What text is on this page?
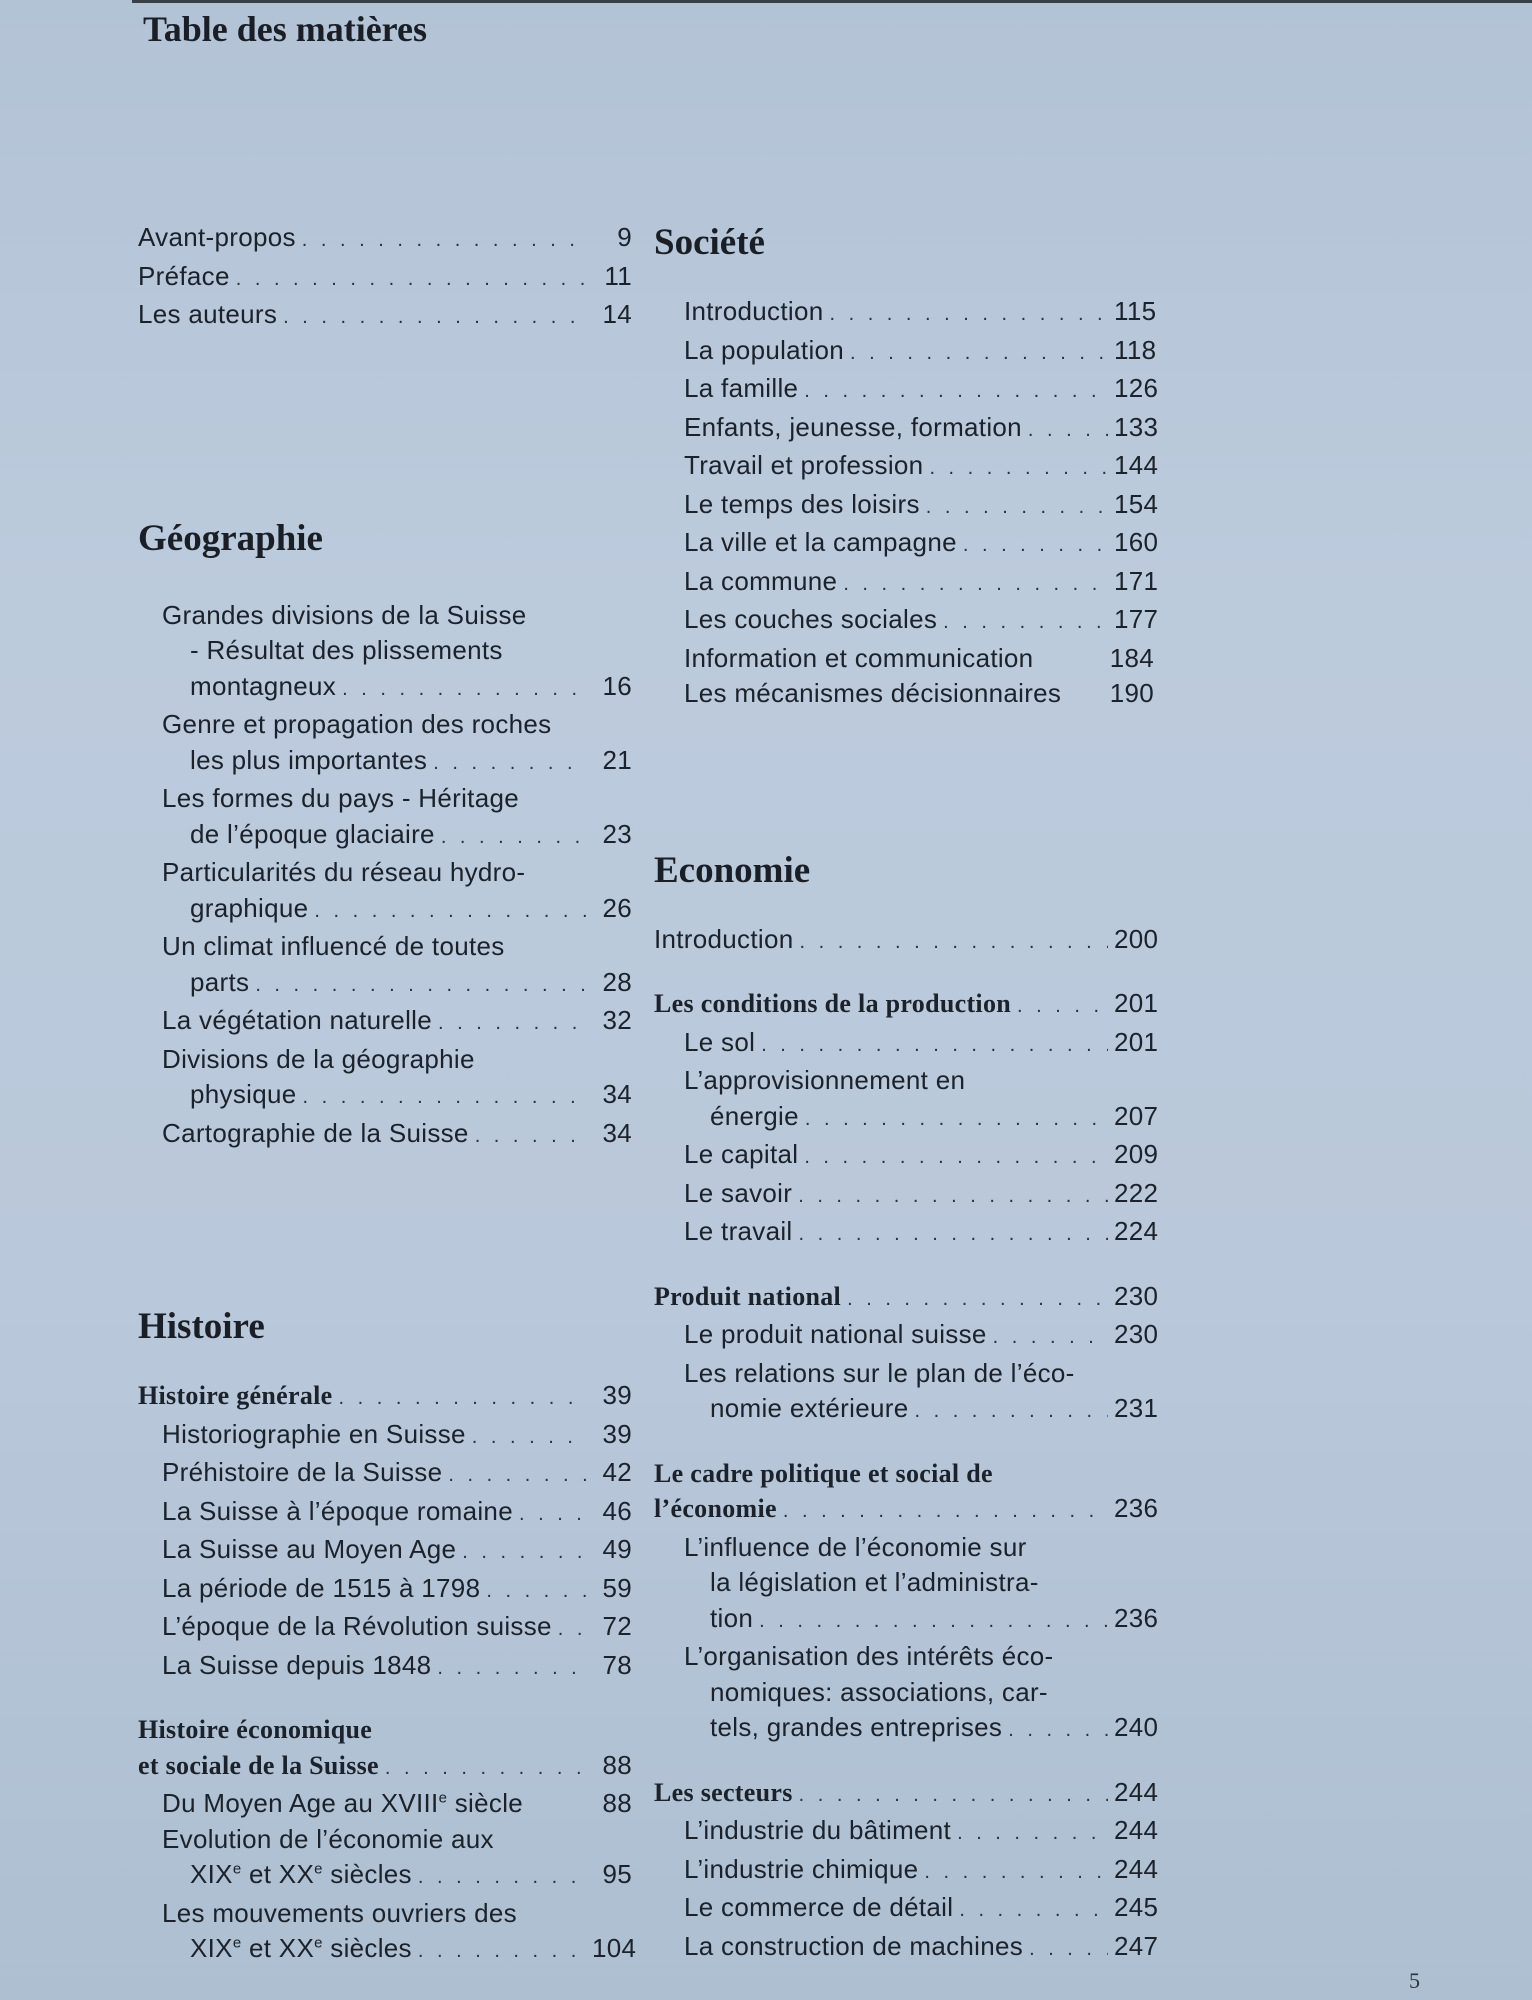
Table des matières
Avant-propos . . .	9
Préface . . .	11
Les auteurs . . .	14
Géographie
Grandes divisions de la Suisse
- Résultat des plissements
montagneux . . .	16
Genre et propagation des roches
les plus importantes . . .	21
Les formes du pays - Héritage
de l’époque glaciaire . . .	23
Particularités du réseau hydro-
graphique . . .	26
Un climat influencé de toutes
parts . . .	28
La végétation naturelle . . .	32
Divisions de la géographie
physique . . .	34
Cartographie de la Suisse . . .	34
Histoire
Histoire générale . . .	39
Historiographie en Suisse . . .	39
Préhistoire de la Suisse . . .	42
La Suisse à l’époque romaine . . .	46
La Suisse au Moyen Age . . .	49
La période de 1515 à 1798 . . .	59
L’époque de la Révolution suisse . . .	72
La Suisse depuis 1848 . . .	78
Histoire économique
et sociale de la Suisse . . .	88
Du Moyen Age au XVIIIe siècle	88
Evolution de l’économie aux
XIXe et XXe siècles . . .	95
Les mouvements ouvriers des
XIXe et XXe siècles . . .	104
Société
Introduction . . .	115
La population . . .	118
La famille . . .	126
Enfants, jeunesse, formation . . .	133
Travail et profession . . .	144
Le temps des loisirs . . .	154
La ville et la campagne . . .	160
La commune . . .	171
Les couches sociales . . .	177
Information et communication	184
Les mécanismes décisionnaires 190
Economie
Introduction . . .	200
Les conditions de la production . . .	201
Le sol . . .	201
L’approvisionnement en
énergie . . .	207
Le capital . . .	209
Le savoir . . .	222
Le travail . . .	224
Produit national . . .	230
Le produit national suisse . . .	230
Les relations sur le plan de l’éco-
nomie extérieure . . .	231
Le cadre politique et social de
l’économie . . .	236
L’influence de l’économie sur
la législation et l’administra-
tion . . .	236
L’organisation des intérêts éco-
nomiques: associations, car-
tels, grandes entreprises . . .	240
Les secteurs . . .	244
L’industrie du bâtiment . . .	244
L’industrie chimique . . .	244
Le commerce de détail . . .	245
La construction de machines . . .	247
5
